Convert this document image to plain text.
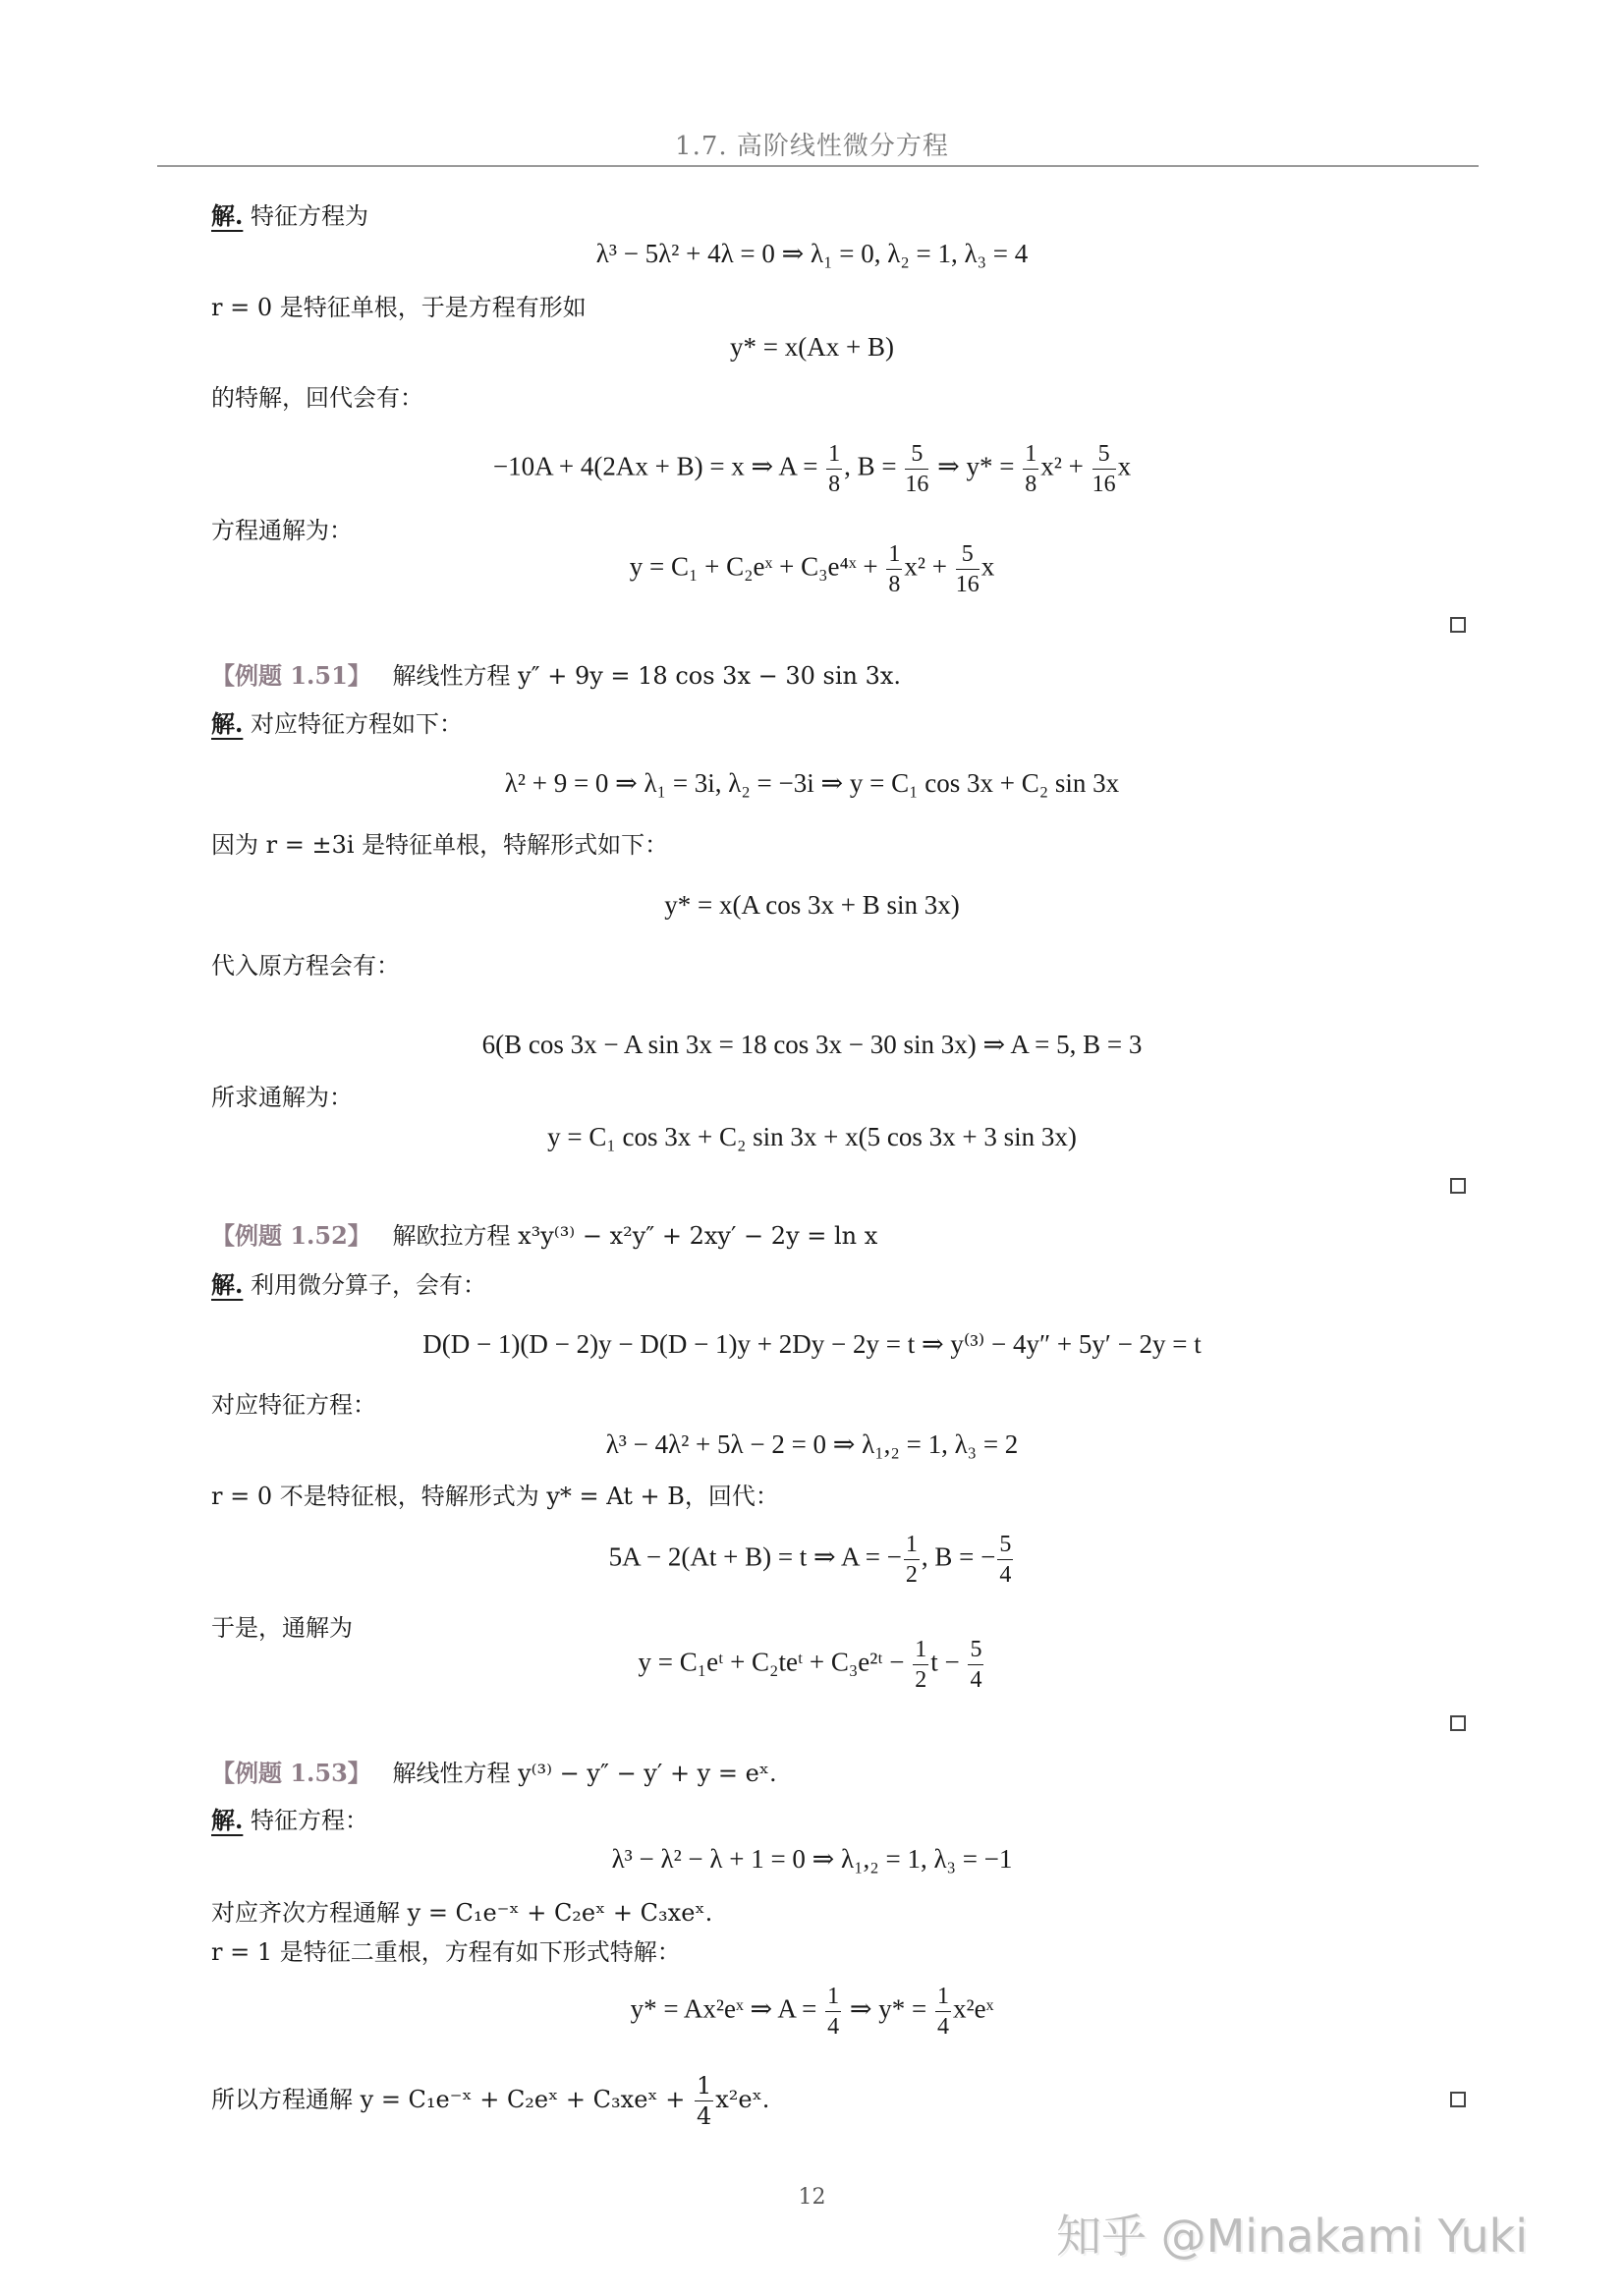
1.7. 高阶线性微分方程
解. 特征方程为
λ³ − 5λ² + 4λ = 0 ⇒ λ₁ = 0, λ₂ = 1, λ₃ = 4
r = 0 是特征单根，于是方程有形如
y* = x(Ax + B)
的特解，回代会有：
−10A + 4(2Ax + B) = x ⇒ $A = \frac{1}{8}$ , $B = \frac{5}{16}$ ⇒ $y* = \frac{1}{8} x^2 + \frac{5}{16}$ x
方程通解为：
y = C₁ + C₂eˣ + C₃e⁴ˣ + $\frac{1}{8} x^2 + \frac{5}{16}$ x
【例题 1.51】 解线性方程 y″ + 9y = 18 cos 3x − 30 sin 3x.
解. 对应特征方程如下：
λ² + 9 = 0 ⇒ λ₁ = 3i, λ₂ = −3i ⇒ y = C₁ cos 3x + C₂ sin 3x
因为 r = ±3i 是特征单根，特解形式如下：
y* = x(A cos 3x + B sin 3x)
代入原方程会有：
6(B cos 3x − A sin 3x = 18 cos 3x − 30 sin 3x) ⇒ A = 5, B = 3
所求通解为：
y = C₁ cos 3x + C₂ sin 3x + x(5 cos 3x + 3 sin 3x)
【例题 1.52】 解欧拉方程 x³y⁽³⁾ − x²y″ + 2xy′ − 2y = ln x
解. 利用微分算子，会有：
D(D − 1)(D − 2)y − D(D − 1)y + 2Dy − 2y = t ⇒ y⁽³⁾ − 4y″ + 5y′ − 2y = t
对应特征方程：
λ³ − 4λ² + 5λ − 2 = 0 ⇒ λ₁,₂ = 1, λ₃ = 2
r = 0 不是特征根，特解形式为 y* = At + B，回代：
5A − 2(At + B) = t ⇒ A = − $\frac{1}{2}$ , B = − $\frac{5}{4}$
于是，通解为
y = C₁eᵗ + C₂teᵗ + C₃e²ᵗ − $\frac{1}{2}$ $t - \frac{5}{4}$
【例题 1.53】 解线性方程 y⁽³⁾ − y″ − y′ + y = eˣ.
解. 特征方程：
λ³ − λ² − λ + 1 = 0 ⇒ λ₁,₂ = 1, λ₃ = −1
对应齐次方程通解 y = C₁e⁻ˣ + C₂eˣ + C₃xeˣ.
r = 1 是特征二重根，方程有如下形式特解：
y* = Ax²eˣ ⇒ $A = \frac{1}{4}$ ⇒ $y* = \frac{1}{4}$ x²eˣ
所以方程通解 y = C₁e⁻ˣ + C₂eˣ + C₃xeˣ + $\frac{1}{4}$ x²eˣ.
12
知乎 @Minakami Yuki
